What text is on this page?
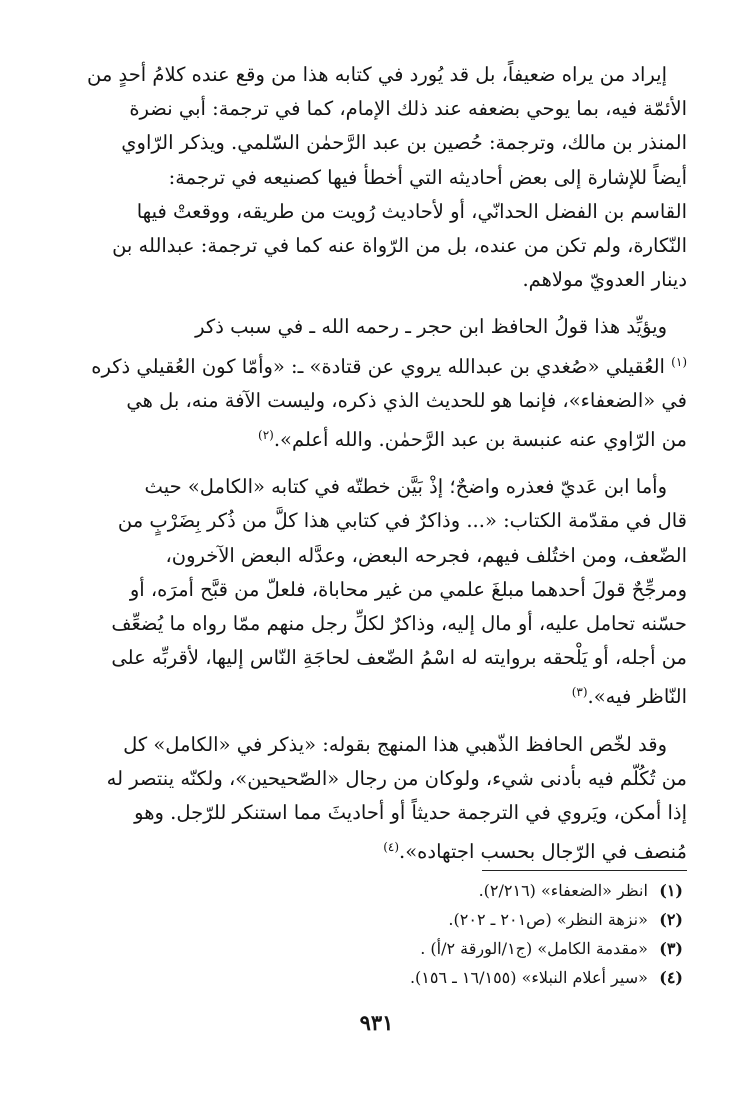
إيراد من يراه ضعيفاً، بل قد يُورد في كتابه هذا من وقع عنده كلامُ أحدٍ من
الأئمّة فيه، بما يوحي بضعفه عند ذلك الإمام، كما في ترجمة: أبي نضرة
المنذر بن مالك، وترجمة: حُصين بن عبد الرَّحمٰن السّلمي. ويذكر الرّاوي
أيضاً للإشارة إلى بعض أحاديثه التي أخطأ فيها كصنيعه في ترجمة:
القاسم بن الفضل الحدانّي، أو لأحاديث رُويت من طريقه، ووقعتْ فيها
النّكارة، ولم تكن من عنده، بل من الرّواة عنه كما في ترجمة: عبدالله بن
دينار العدويّ مولاهم.

ويؤيِّد هذا قولُ الحافظ ابن حجر ـ رحمه الله ـ في سبب ذكر
$^{(١)}$ العُقيلي «صُغدي بن عبدالله يروي عن قتادة» ـ: «وأمّا كون العُقيلي ذكره
في «الضعفاء»، فإنما هو للحديث الذي ذكره، وليست الآفة منه، بل هي
من الرّاوي عنه عنبسة بن عبد الرَّحمٰن. والله أعلم».$^{(٢)}$

وأما ابن عَديّ فعذره واضحٌ؛ إذْ بَيَّن خطتّه في كتابه «الكامل» حيث
قال في مقدّمة الكتاب: «... وذاكرٌ في كتابي هذا كلَّ من ذُكر بِضَرْبٍ من
الضّعف، ومن اختُلف فيهم، فجرحه البعض، وعدَّله البعض الآخرون،
ومرجِّحٌ قولَ أحدهما مبلغَ علمي من غير محاباة، فلعلّ من قبَّح أمرَه، أو
حسّنه تحامل عليه، أو مال إليه، وذاكرٌ لكلِّ رجل منهم ممّا رواه ما يُضعِّف
من أجله، أو يَلْحقه بروايته له اسْمُ الضّعف لحاجَةِ النّاس إليها، لأقربِّه على
النّاظر فيه».$^{(٣)}$

وقد لخّص الحافظ الذّهبي هذا المنهج بقوله: «يذكر في «الكامل» كل
من تُكُلّم فيه بأدنى شيء، ولوكان من رجال «الصّحيحين»، ولكنّه ينتصر له
إذا أمكن، ويَروي في الترجمة حديثاً أو أحاديثَ مما استنكر للرّجل. وهو
مُنصف في الرّجال بحسب اجتهاده».$^{(٤)}$

(١) انظر «الضعفاء» (٢/٢١٦).
(٢) «نزهة النظر» (ص٢٠١ ـ ٢٠٢).
(٣) «مقدمة الكامل» (ج١/الورقة ٢/أ) .
(٤) «سير أعلام النبلاء» (١٦/١٥٥ ـ ١٥٦).
٩٣١
